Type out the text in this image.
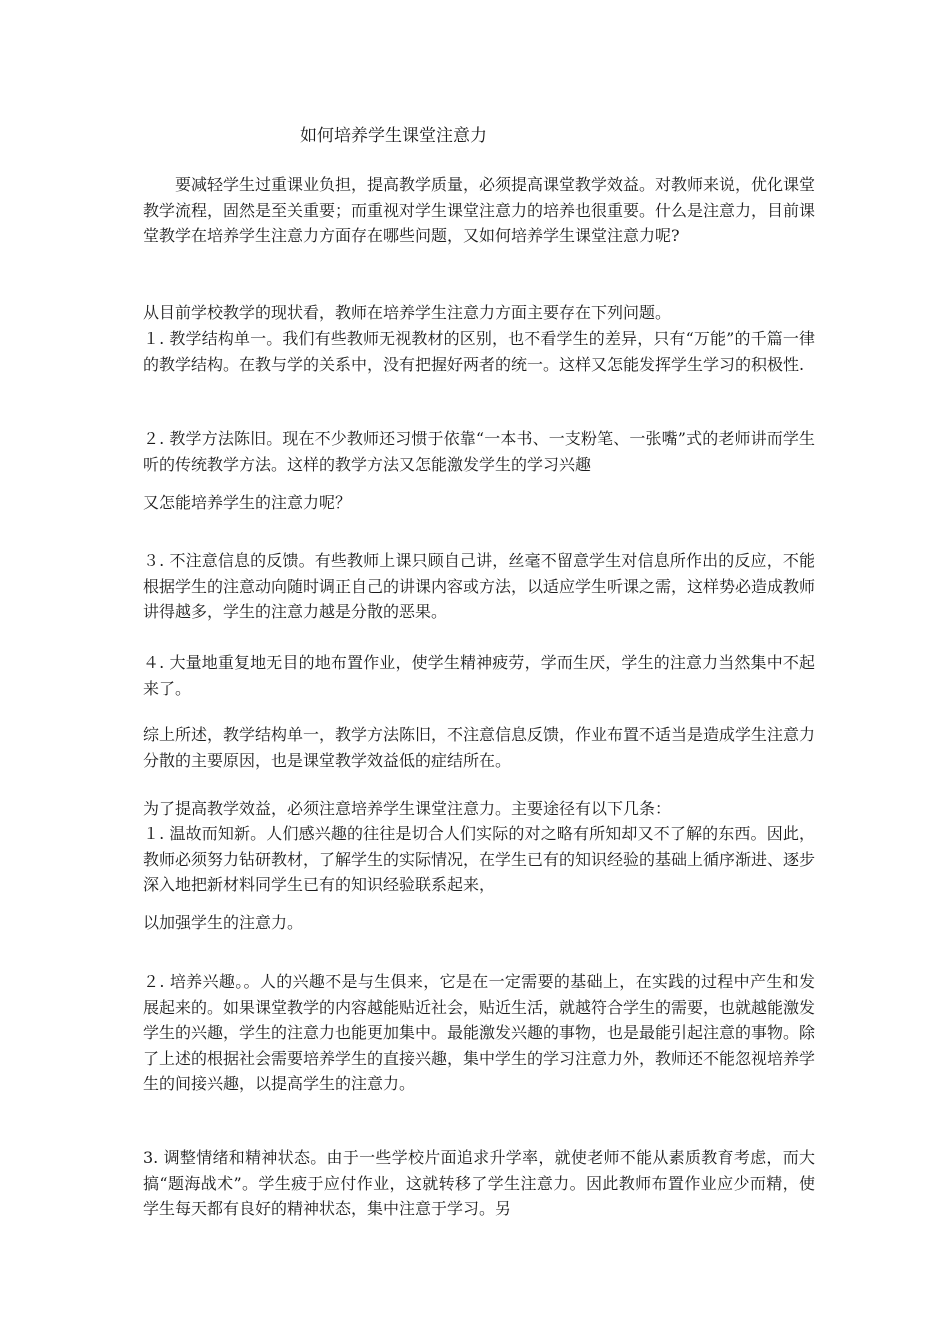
如何培养学生课堂注意力

要减轻学生过重课业负担，提高教学质量，必须提高课堂教学效益。对教师来说，优化课堂教学流程，固然是至关重要；而重视对学生课堂注意力的培养也很重要。什么是注意力，目前课堂教学在培养学生注意力方面存在哪些问题，又如何培养学生课堂注意力呢?

从目前学校教学的现状看，教师在培养学生注意力方面主要存在下列问题。

１. 教学结构单一。我们有些教师无视教材的区别，也不看学生的差异，只有“万能”的千篇一律的教学结构。在教与学的关系中，没有把握好两者的统一。这样又怎能发挥学生学习的积极性.

２. 教学方法陈旧。现在不少教师还习惯于依靠“一本书、一支粉笔、一张嘴”式的老师讲而学生听的传统教学方法。这样的教学方法又怎能激发学生的学习兴趣

又怎能培养学生的注意力呢？

３. 不注意信息的反馈。有些教师上课只顾自己讲，丝毫不留意学生对信息所作出的反应，不能根据学生的注意动向随时调正自己的讲课内容或方法，以适应学生听课之需，这样势必造成教师讲得越多，学生的注意力越是分散的恶果。

４. 大量地重复地无目的地布置作业，使学生精神疲劳，学而生厌，学生的注意力当然集中不起来了。

综上所述，教学结构单一，教学方法陈旧，不注意信息反馈，作业布置不适当是造成学生注意力分散的主要原因，也是课堂教学效益低的症结所在。

为了提高教学效益，必须注意培养学生课堂注意力。主要途径有以下几条：

１. 温故而知新。人们感兴趣的往往是切合人们实际的对之略有所知却又不了解的东西。因此，教师必须努力钻研教材，了解学生的实际情况，在学生已有的知识经验的基础上循序渐进、逐步深入地把新材料同学生已有的知识经验联系起来，

以加强学生的注意力。

２. 培养兴趣。。人的兴趣不是与生俱来，它是在一定需要的基础上，在实践的过程中产生和发展起来的。如果课堂教学的内容越能贴近社会，贴近生活，就越符合学生的需要，也就越能激发学生的兴趣，学生的注意力也能更加集中。最能激发兴趣的事物，也是最能引起注意的事物。除了上述的根据社会需要培养学生的直接兴趣，集中学生的学习注意力外，教师还不能忽视培养学生的间接兴趣，以提高学生的注意力。

3. 调整情绪和精神状态。由于一些学校片面追求升学率，就使老师不能从素质教育考虑，而大搞“题海战术”。学生疲于应付作业，这就转移了学生注意力。因此教师布置作业应少而精，使学生每天都有良好的精神状态，集中注意于学习。另
